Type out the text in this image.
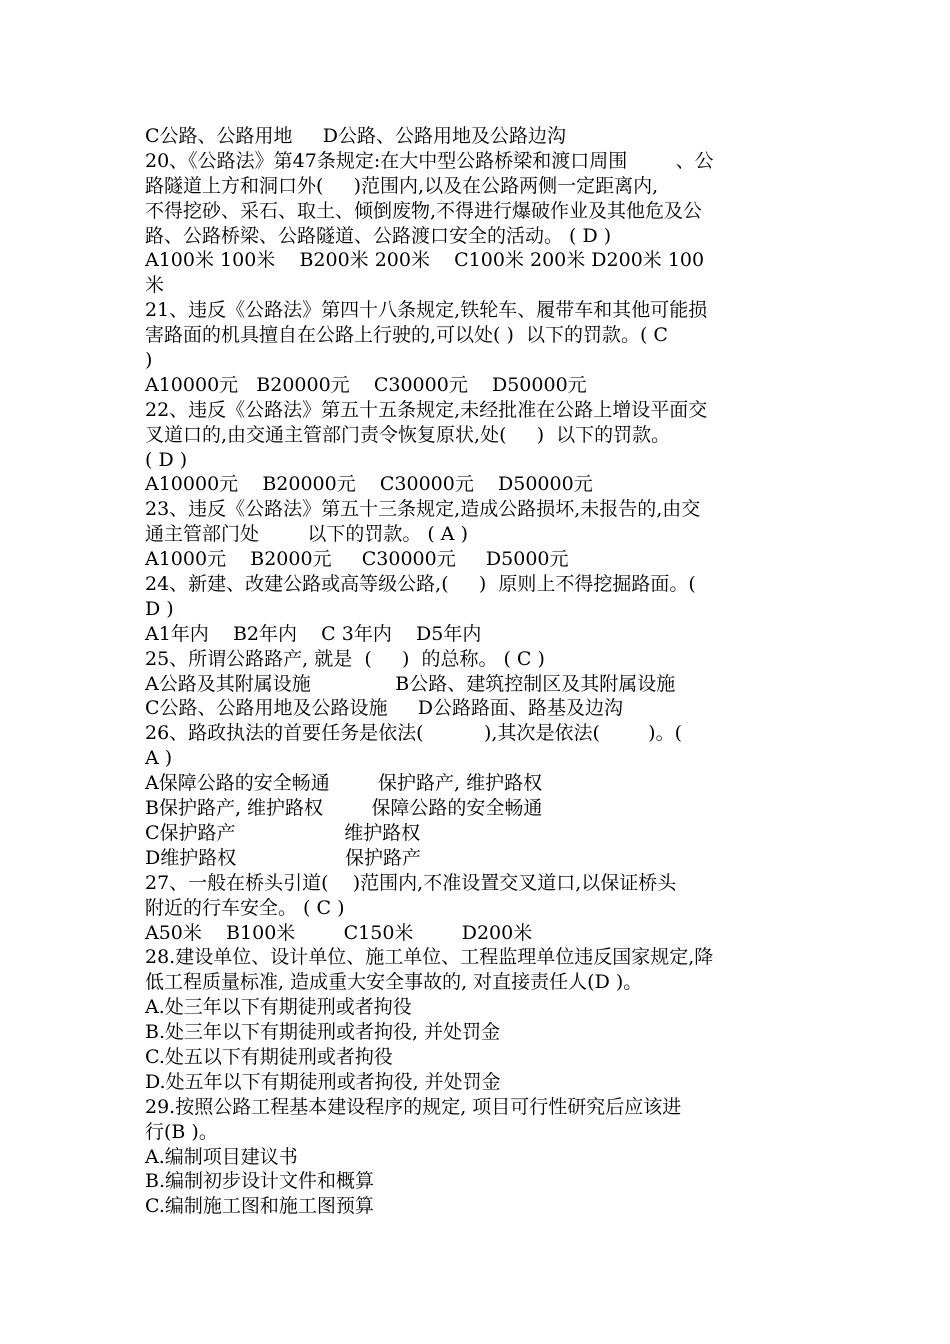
C公路、公路用地     D公路、公路用地及公路边沟
20、《公路法》第47条规定:在大中型公路桥梁和渡口周围        、公
路隧道上方和洞口外(     )范围内,以及在公路两侧一定距离内,
不得挖砂、采石、取土、倾倒废物,不得进行爆破作业及其他危及公
路、公路桥梁、公路隧道、公路渡口安全的活动。 ( D )
A100米 100米    B200米 200米    C100米 200米 D200米 100
米
21、违反《公路法》第四十八条规定,铁轮车、履带车和其他可能损
害路面的机具擅自在公路上行驶的,可以处( )  以下的罚款。( C
)
A10000元   B20000元    C30000元    D50000元
22、违反《公路法》第五十五条规定,未经批准在公路上增设平面交
叉道口的,由交通主管部门责令恢复原状,处(     )  以下的罚款。
( D )
A10000元    B20000元    C30000元    D50000元
23、违反《公路法》第五十三条规定,造成公路损坏,未报告的,由交
通主管部门处        以下的罚款。 ( A )
A1000元    B2000元     C30000元     D5000元
24、新建、改建公路或高等级公路,(     )  原则上不得挖掘路面。(
D )
A1年内    B2年内    C 3年内    D5年内
25、所谓公路路产, 就是  (     )  的总称。 ( C )
A公路及其附属设施              B公路、建筑控制区及其附属设施
C公路、公路用地及公路设施     D公路路面、路基及边沟
26、路政执法的首要任务是依法(          ),其次是依法(        )。(
A )
A保障公路的安全畅通        保护路产, 维护路权
B保护路产, 维护路权        保障公路的安全畅通
C保护路产                  维护路权
D维护路权                  保护路产
27、一般在桥头引道(    )范围内,不准设置交叉道口,以保证桥头
附近的行车安全。 ( C )
A50米    B100米        C150米        D200米
28.建设单位、设计单位、施工单位、工程监理单位违反国家规定,降
低工程质量标准, 造成重大安全事故的, 对直接责任人(D )。
A.处三年以下有期徒刑或者拘役
B.处三年以下有期徒刑或者拘役, 并处罚金
C.处五以下有期徒刑或者拘役
D.处五年以下有期徒刑或者拘役, 并处罚金
29.按照公路工程基本建设程序的规定, 项目可行性研究后应该进
行(B )。
A.编制项目建议书
B.编制初步设计文件和概算
C.编制施工图和施工图预算
